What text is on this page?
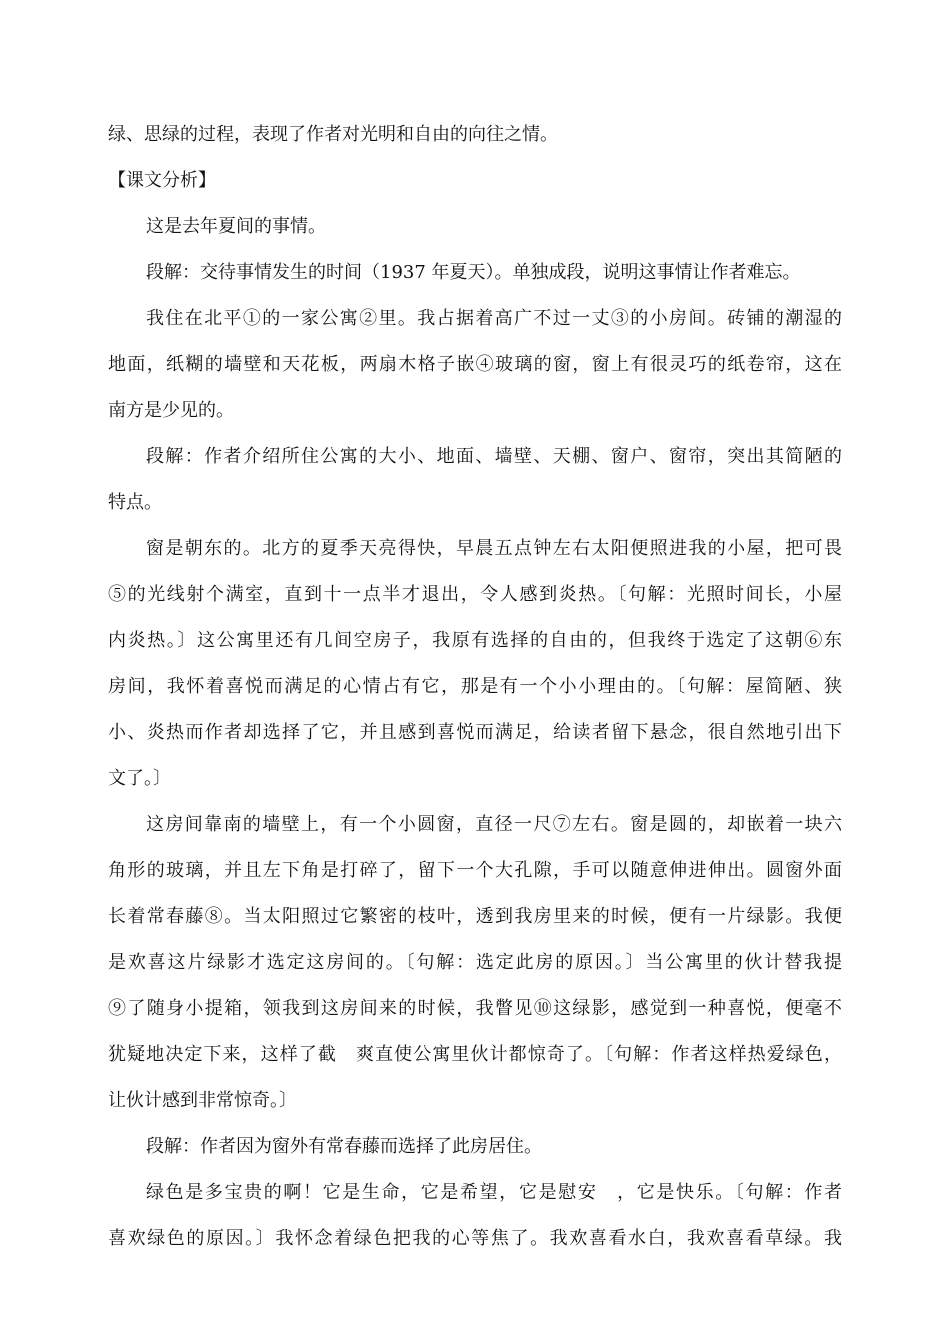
绿、思绿的过程，表现了作者对光明和自由的向往之情。
【课文分析】
这是去年夏间的事情。
段解：交待事情发生的时间（1937 年夏天）。单独成段，说明这事情让作者难忘。
我住在北平①的一家公寓②里。我占据着高广不过一丈③的小房间。砖铺的潮湿的
地面，纸糊的墙壁和天花板，两扇木格子嵌④玻璃的窗，窗上有很灵巧的纸卷帘，这在
南方是少见的。
段解：作者介绍所住公寓的大小、地面、墙壁、天棚、窗户、窗帘，突出其简陋的
特点。
窗是朝东的。北方的夏季天亮得快，早晨五点钟左右太阳便照进我的小屋，把可畏
⑤的光线射个满室，直到十一点半才退出，令人感到炎热。〔句解：光照时间长，小屋
内炎热。〕这公寓里还有几间空房子，我原有选择的自由的，但我终于选定了这朝⑥东
房间，我怀着喜悦而满足的心情占有它，那是有一个小小理由的。〔句解：屋简陋、狭
小、炎热而作者却选择了它，并且感到喜悦而满足，给读者留下悬念，很自然地引出下
文了。〕
这房间靠南的墙壁上，有一个小圆窗，直径一尺⑦左右。窗是圆的，却嵌着一块六
角形的玻璃，并且左下角是打碎了，留下一个大孔隙，手可以随意伸进伸出。圆窗外面
长着常春藤⑧。当太阳照过它繁密的枝叶，透到我房里来的时候，便有一片绿影。我便
是欢喜这片绿影才选定这房间的。〔句解：选定此房的原因。〕当公寓里的伙计替我提
⑨了随身小提箱，领我到这房间来的时候，我瞥见⑩这绿影，感觉到一种喜悦，便毫不
犹疑地决定下来，这样了截　爽直使公寓里伙计都惊奇了。〔句解：作者这样热爱绿色，
让伙计感到非常惊奇。〕
段解：作者因为窗外有常春藤而选择了此房居住。
绿色是多宝贵的啊！它是生命，它是希望，它是慰安　，它是快乐。〔句解：作者
喜欢绿色的原因。〕我怀念着绿色把我的心等焦了。我欢喜看水白，我欢喜看草绿。我
